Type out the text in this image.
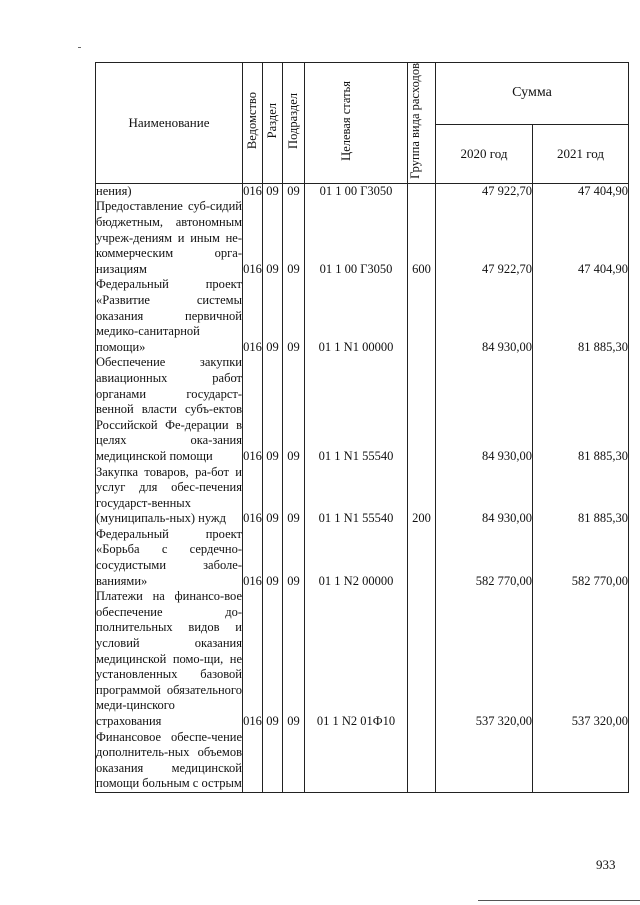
Наименование	Ведомство	Раздел	Подраздел	Целевая статья	Группа вида расходов	Сумма	
						2020 год	2021 год
нения)	016	09	09	01 1 00 Г3050		47 922,70	47 404,90
Предоставление суб-сидий бюджетным, автономным учреж-дениям и иным не-коммерческим орга-низациям	016	09	09	01 1 00 Г3050	600	47 922,70	47 404,90
Федеральный проект «Развитие системы оказания первичной медико-санитарной помощи»	016	09	09	01 1 N1 00000		84 930,00	81 885,30
Обеспечение закупки авиационных работ органами государст-венной власти субъ-ектов Российской Фе-дерации в целях ока-зания медицинской помощи	016	09	09	01 1 N1 55540		84 930,00	81 885,30
Закупка товаров, ра-бот и услуг для обес-печения государст-венных (муниципаль-ных) нужд	016	09	09	01 1 N1 55540	200	84 930,00	81 885,30
Федеральный проект «Борьба с сердечно-сосудистыми заболе-ваниями»	016	09	09	01 1 N2 00000		582 770,00	582 770,00
Платежи на финансо-вое обеспечение до-полнительных видов и условий оказания медицинской помо-щи, не установленных базовой программой обязательного меди-цинского страхования	016	09	09	01 1 N2 01Ф10		537 320,00	537 320,00
Финансовое обеспе-чение дополнитель-ных объемов оказания медицинской помощи больным с острым							
933
